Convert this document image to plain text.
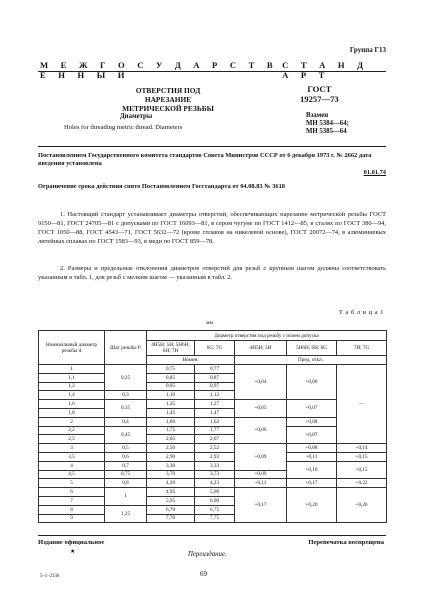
Группа Г13
М Е Ж Г О С У Д А Р С Т В Е Н Н Ы Й
С Т А Н Д А Р Т
ОТВЕРСТИЯ ПОД НАРЕЗАНИЕ
МЕТРИЧЕСКОЙ РЕЗЬБЫ
ГОСТ
19257—73
Диаметры
Holes for threading metric thread. Diameters
Взамен
МН 5384—64;
МН 5385—64
Постановлением Государственного комитета стандартов Совета Министров СССР от 6 декабря 1973 г. № 2662 дата введения установлена
01.01.74
Ограничение срока действия снято Постановлением Госстандарта от 04.08.83 № 3618
1. Настоящий стандарт устанавливает диаметры отверстий, обеспечивающих нарезание метрической резьбы ГОСТ 9150—81, ГОСТ 24705—81 с допусками по ГОСТ 16093—81, в сером чугуне по ГОСТ 1412—85, в сталях по ГОСТ 380—94, ГОСТ 1050—88, ГОСТ 4543—71, ГОСТ 5632—72 (кроме сплавов на никелевой основе), ГОСТ 20072—74, в алюминиевых литейных сплавах по ГОСТ 1583—93, в меди по ГОСТ 859—78.
2. Размеры и предельные отклонения диаметров отверстий для резьб с крупным шагом должны соответствовать указанным в табл. 1, для резьб с мелким шагом — указанным в табл. 2.
Т а б л и ц а 1
мм
Номинальный диаметр резьбы d	Шаг резьбы P	Диаметр отверстия под резьбу с полем допуска				
		4H5H; 5H; 5H6H; 6H; 7H	6G; 7G	4H5H; 5H	5H6H; 6H; 6G	7H; 7G
		Номин.		Пред. откл.		
1	0,25	0,75	0,77	+0,04	+0,06	—
1,1		0,85	0,87			
1,2		0,95	0,97			
1,4	0,3	1,10	1,12			
1,6	0,35	1,25	1,27	+0,05	+0,07	
1,8		1,45	1,47			
2	0,4	1,60	1,62	+0,06	+0,08	
2,2	0,45	1,75	1,77		+0,07	
2,5		2,05	2,07			
3	0,5	2,50	2,52	+0,09	+0,08	+0,14
3,5	0,6	2,90	2,93		+0,11	+0,15
4	0,7	3,30	3,33		+0,10	+0,15
4,5	0,75	3,70	3,73	+0,09		
5	0,8	4,20	4,23	+0,11	+0,17	+0,22
6	1	4,95	5,00	+0,17	+0,20	+0,26
7		5,95	6,00			
8	1,25	6,70	6,75			
9		7,70	7,75			
Издание официальное	Перепечатка воспрещена
★	Переиздание.
69
5–1–2336
